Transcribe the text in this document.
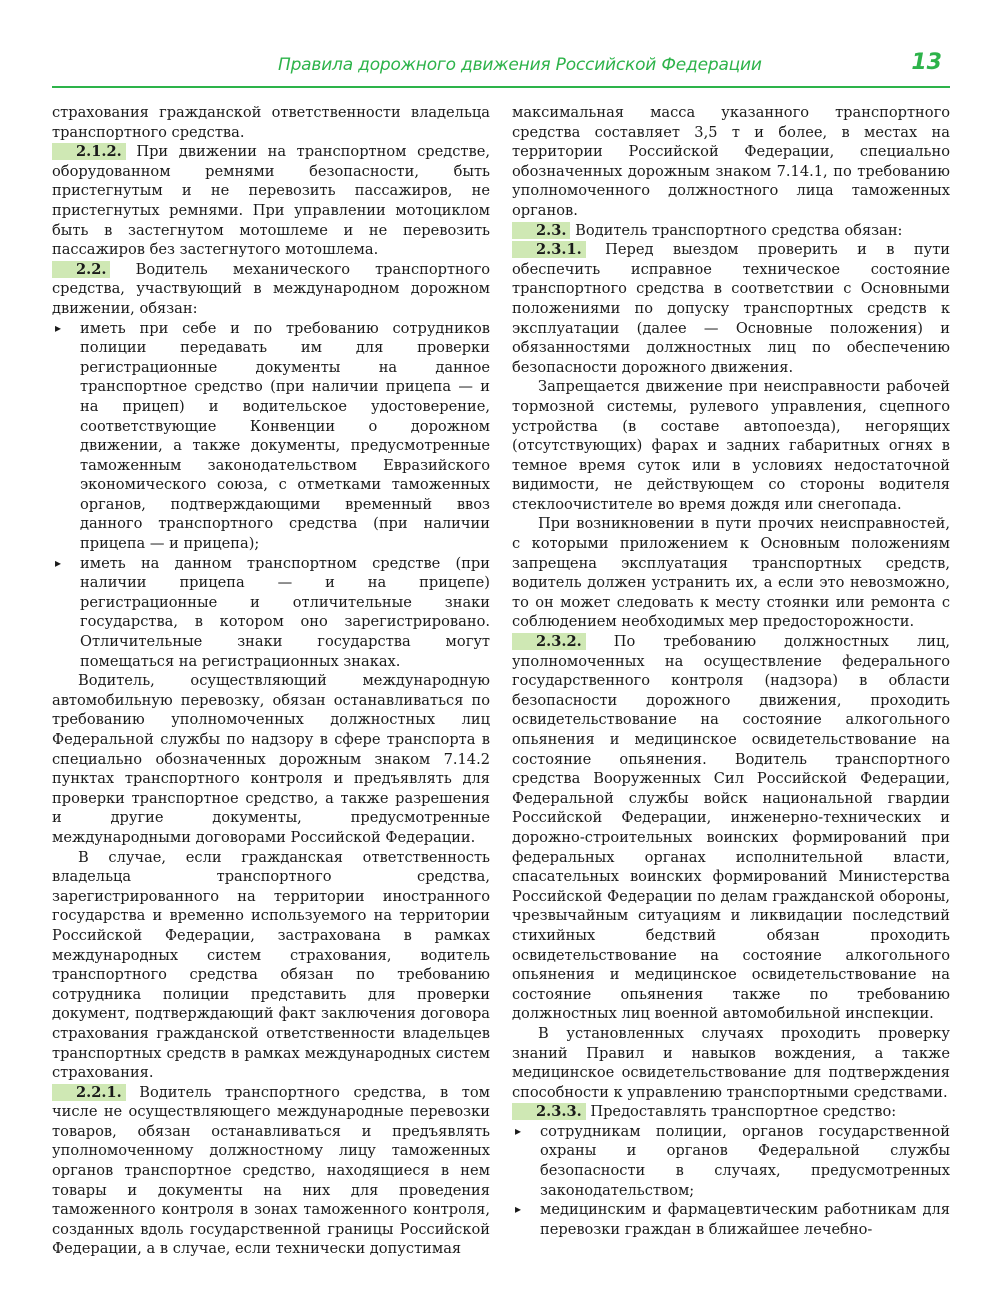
Правила дорожного движения Российской Федерации	13

страхования гражданской ответственности владельца транспортного средства.

2.1.2. При движении на транспортном средстве, оборудованном ремнями безопасности, быть пристегнутым и не перевозить пассажиров, не пристегнутых ремнями. При управлении мотоциклом быть в застегнутом мотошлеме и не перевозить пассажиров без застегнутого мотошлема.

2.2. Водитель механического транспортного средства, участвующий в международном дорожном движении, обязан:

▸ иметь при себе и по требованию сотрудников полиции передавать им для проверки регистрационные документы на данное транспортное средство (при наличии прицепа — и на прицеп) и водительское удостоверение, соответствующие Конвенции о дорожном движении, а также документы, предусмотренные таможенным законодательством Евразийского экономического союза, с отметками таможенных органов, подтверждающими временный ввоз данного транспортного средства (при наличии прицепа — и прицепа);
▸ иметь на данном транспортном средстве (при наличии прицепа — и на прицепе) регистрационные и отличительные знаки государства, в котором оно зарегистрировано. Отличительные знаки государства могут помещаться на регистрационных знаках.

Водитель, осуществляющий международную автомобильную перевозку, обязан останавливаться по требованию уполномоченных должностных лиц Федеральной службы по надзору в сфере транспорта в специально обозначенных дорожным знаком 7.14.2 пунктах транспортного контроля и предъявлять для проверки транспортное средство, а также разрешения и другие документы, предусмотренные международными договорами Российской Федерации.

В случае, если гражданская ответственность владельца транспортного средства, зарегистрированного на территории иностранного государства и временно используемого на территории Российской Федерации, застрахована в рамках международных систем страхования, водитель транспортного средства обязан по требованию сотрудника полиции представить для проверки документ, подтверждающий факт заключения договора страхования гражданской ответственности владельцев транспортных средств в рамках международных систем страхования.

2.2.1. Водитель транспортного средства, в том числе не осуществляющего международные перевозки товаров, обязан останавливаться и предъявлять уполномоченному должностному лицу таможенных органов транспортное средство, находящиеся в нем товары и документы на них для проведения таможенного контроля в зонах таможенного контроля, созданных вдоль государственной границы Российской Федерации, а в случае, если технически допустимая

максимальная масса указанного транспортного средства составляет 3,5 т и более, в местах на территории Российской Федерации, специально обозначенных дорожным знаком 7.14.1, по требованию уполномоченного должностного лица таможенных органов.

2.3. Водитель транспортного средства обязан:

2.3.1. Перед выездом проверить и в пути обеспечить исправное техническое состояние транспортного средства в соответствии с Основными положениями по допуску транспортных средств к эксплуатации (далее — Основные положения) и обязанностями должностных лиц по обеспечению безопасности дорожного движения.

Запрещается движение при неисправности рабочей тормозной системы, рулевого управления, сцепного устройства (в составе автопоезда), негорящих (отсутствующих) фарах и задних габаритных огнях в темное время суток или в условиях недостаточной видимости, не действующем со стороны водителя стеклоочистителе во время дождя или снегопада.

При возникновении в пути прочих неисправностей, с которыми приложением к Основным положениям запрещена эксплуатация транспортных средств, водитель должен устранить их, а если это невозможно, то он может следовать к месту стоянки или ремонта с соблюдением необходимых мер предосторожности.

2.3.2. По требованию должностных лиц, уполномоченных на осуществление федерального государственного контроля (надзора) в области безопасности дорожного движения, проходить освидетельствование на состояние алкогольного опьянения и медицинское освидетельствование на состояние опьянения. Водитель транспортного средства Вооруженных Сил Российской Федерации, Федеральной службы войск национальной гвардии Российской Федерации, инженерно-технических и дорожно-строительных воинских формирований при федеральных органах исполнительной власти, спасательных воинских формирований Министерства Российской Федерации по делам гражданской обороны, чрезвычайным ситуациям и ликвидации последствий стихийных бедствий обязан проходить освидетельствование на состояние алкогольного опьянения и медицинское освидетельствование на состояние опьянения также по требованию должностных лиц военной автомобильной инспекции.

В установленных случаях проходить проверку знаний Правил и навыков вождения, а также медицинское освидетельствование для подтверждения способности к управлению транспортными средствами.

2.3.3. Предоставлять транспортное средство:

▸ сотрудникам полиции, органов государственной охраны и органов Федеральной службы безопасности в случаях, предусмотренных законодательством;
▸ медицинским и фармацевтическим работникам для перевозки граждан в ближайшее лечебно-
